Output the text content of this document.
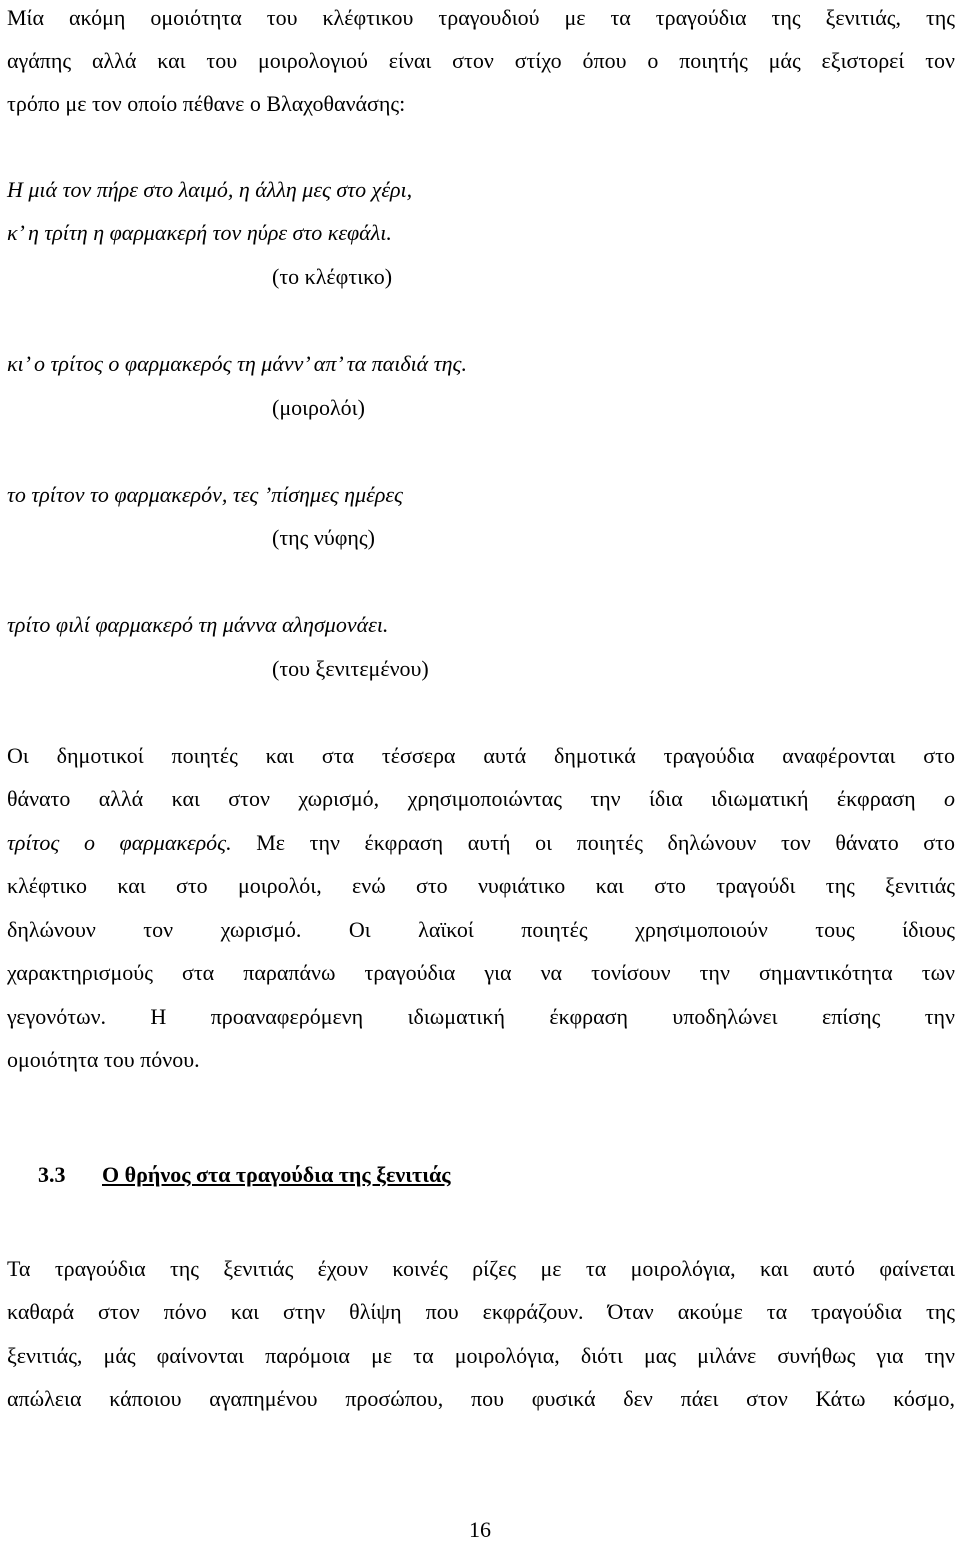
Μία ακόμη ομοιότητα του κλέφτικου τραγουδιού με τα τραγούδια της ξενιτιάς, της
αγάπης αλλά και του μοιρολογιού είναι στον στίχο όπου ο ποιητής μάς εξιστορεί τον
τρόπο με τον οποίο πέθανε ο Βλαχοθανάσης:
Η μιά τον πήρε στο λαιμό, η άλλη μες στο χέρι,
κ’ η τρίτη η φαρμακερή τον ηύρε στο κεφάλι.
(το κλέφτικο)
κι’ ο τρίτος ο φαρμακερός τη μάνν’ απ’ τα παιδιά της.
(μοιρολόι)
το τρίτον το φαρμακερόν, τες ’πίσημες ημέρες
(της νύφης)
τρίτο φιλί φαρμακερό τη μάννα αλησμονάει.
(του ξενιτεμένου)
Οι δημοτικοί ποιητές και στα τέσσερα αυτά δημοτικά τραγούδια αναφέρονται στο
θάνατο αλλά και στον χωρισμό, χρησιμοποιώντας την ίδια ιδιωματική έκφραση ο
τρίτος ο φαρμακερός. Με την έκφραση αυτή οι ποιητές δηλώνουν τον θάνατο στο
κλέφτικο και στο μοιρολόι, ενώ στο νυφιάτικο και στο τραγούδι της ξενιτιάς
δηλώνουν τον χωρισμό. Οι λαϊκοί ποιητές χρησιμοποιούν τους ίδιους
χαρακτηρισμούς στα παραπάνω τραγούδια για να τονίσουν την σημαντικότητα των
γεγονότων. Η προαναφερόμενη ιδιωματική έκφραση υποδηλώνει επίσης την
ομοιότητα του πόνου.
3.3 Ο θρήνος στα τραγούδια της ξενιτιάς
Τα τραγούδια της ξενιτιάς έχουν κοινές ρίζες με τα μοιρολόγια, και αυτό φαίνεται
καθαρά στον πόνο και στην θλίψη που εκφράζουν. Όταν ακούμε τα τραγούδια της
ξενιτιάς, μάς φαίνονται παρόμοια με τα μοιρολόγια, διότι μας μιλάνε συνήθως για την
απώλεια κάποιου αγαπημένου προσώπου, που φυσικά δεν πάει στον Κάτω κόσμο,
16
